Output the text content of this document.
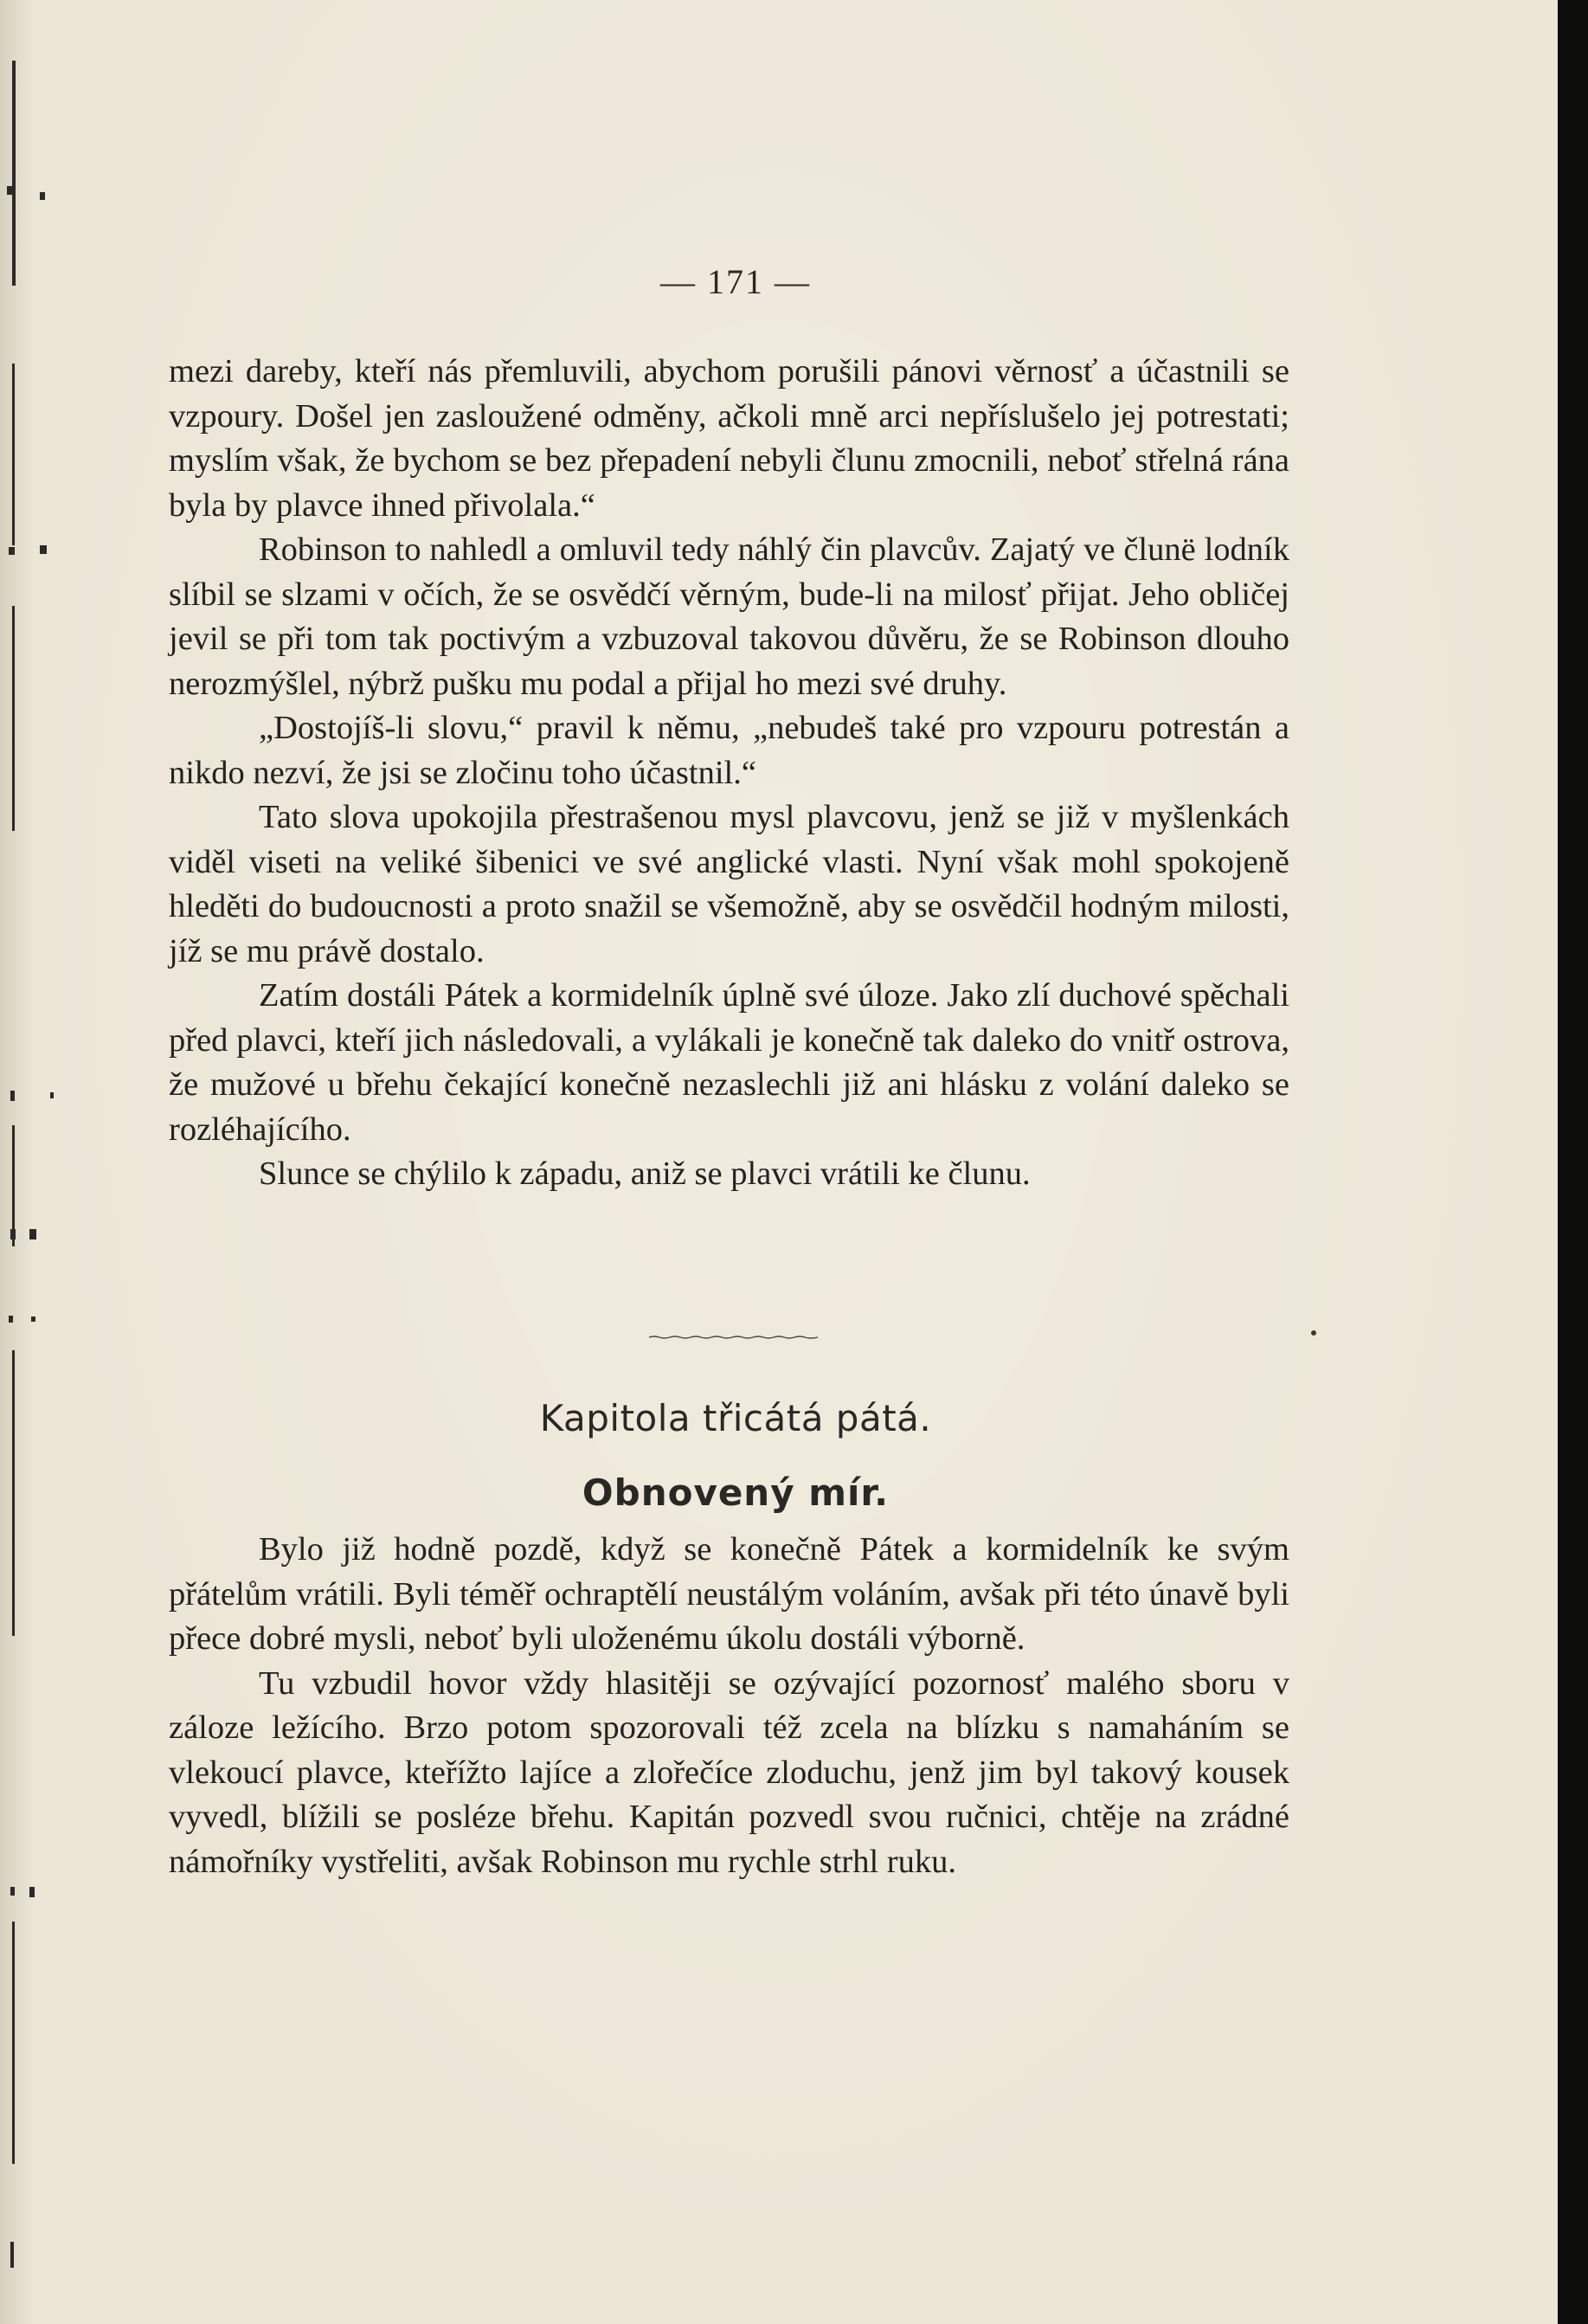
— 171 —

mezi dareby, kteří nás přemluvili, abychom porušili pánovi věrnosť a účastnili se vzpoury. Došel jen zasloužené odměny, ačkoli mně arci nepříslušelo jej potrestati; myslím však, že bychom se bez přepadení nebyli člunu zmocnili, neboť střelná rána byla by plavce ihned přivolala.“

Robinson to nahledl a omluvil tedy náhlý čin plavcův. Zajatý ve člunë lodník slíbil se slzami v očích, že se osvědčí věrným, bude-li na milosť přijat. Jeho obličej jevil se při tom tak poctivým a vzbuzoval takovou důvěru, že se Robinson dlouho nerozmýšlel, nýbrž pušku mu podal a přijal ho mezi své druhy.

„Dostojíš-li slovu,“ pravil k němu, „nebudeš také pro vzpouru potrestán a nikdo nezví, že jsi se zločinu toho účastnil.“

Tato slova upokojila přestrašenou mysl plavcovu, jenž se již v myšlenkách viděl viseti na veliké šibenici ve své anglické vlasti. Nyní však mohl spokojeně hleděti do budoucnosti a proto snažil se všemožně, aby se osvědčil hodným milosti, jíž se mu právě dostalo.

Zatím dostáli Pátek a kormidelník úplně své úloze. Jako zlí duchové spěchali před plavci, kteří jich následovali, a vylákali je konečně tak daleko do vnitř ostrova, že mužové u břehu čekající konečně nezaslechli již ani hlásku z volání daleko se rozléhajícího.

Slunce se chýlilo k západu, aniž se plavci vrátili ke člunu.

Kapitola třicátá pátá.
Obnovený mír.

Bylo již hodně pozdě, když se konečně Pátek a kormidelník ke svým přátelům vrátili. Byli téměř ochraptělí neustálým voláním, avšak při této únavě byli přece dobré mysli, neboť byli uloženému úkolu dostáli výborně.

Tu vzbudil hovor vždy hlasitěji se ozývající pozornosť malého sboru v záloze ležícího. Brzo potom spozorovali též zcela na blízku s namaháním se vlekoucí plavce, kteřížto lajíce a zlořečíce zloduchu, jenž jim byl takový kousek vyvedl, blížili se posléze břehu. Kapitán pozvedl svou ručnici, chtěje na zrádné námořníky vystřeliti, avšak Robinson mu rychle strhl ruku.
